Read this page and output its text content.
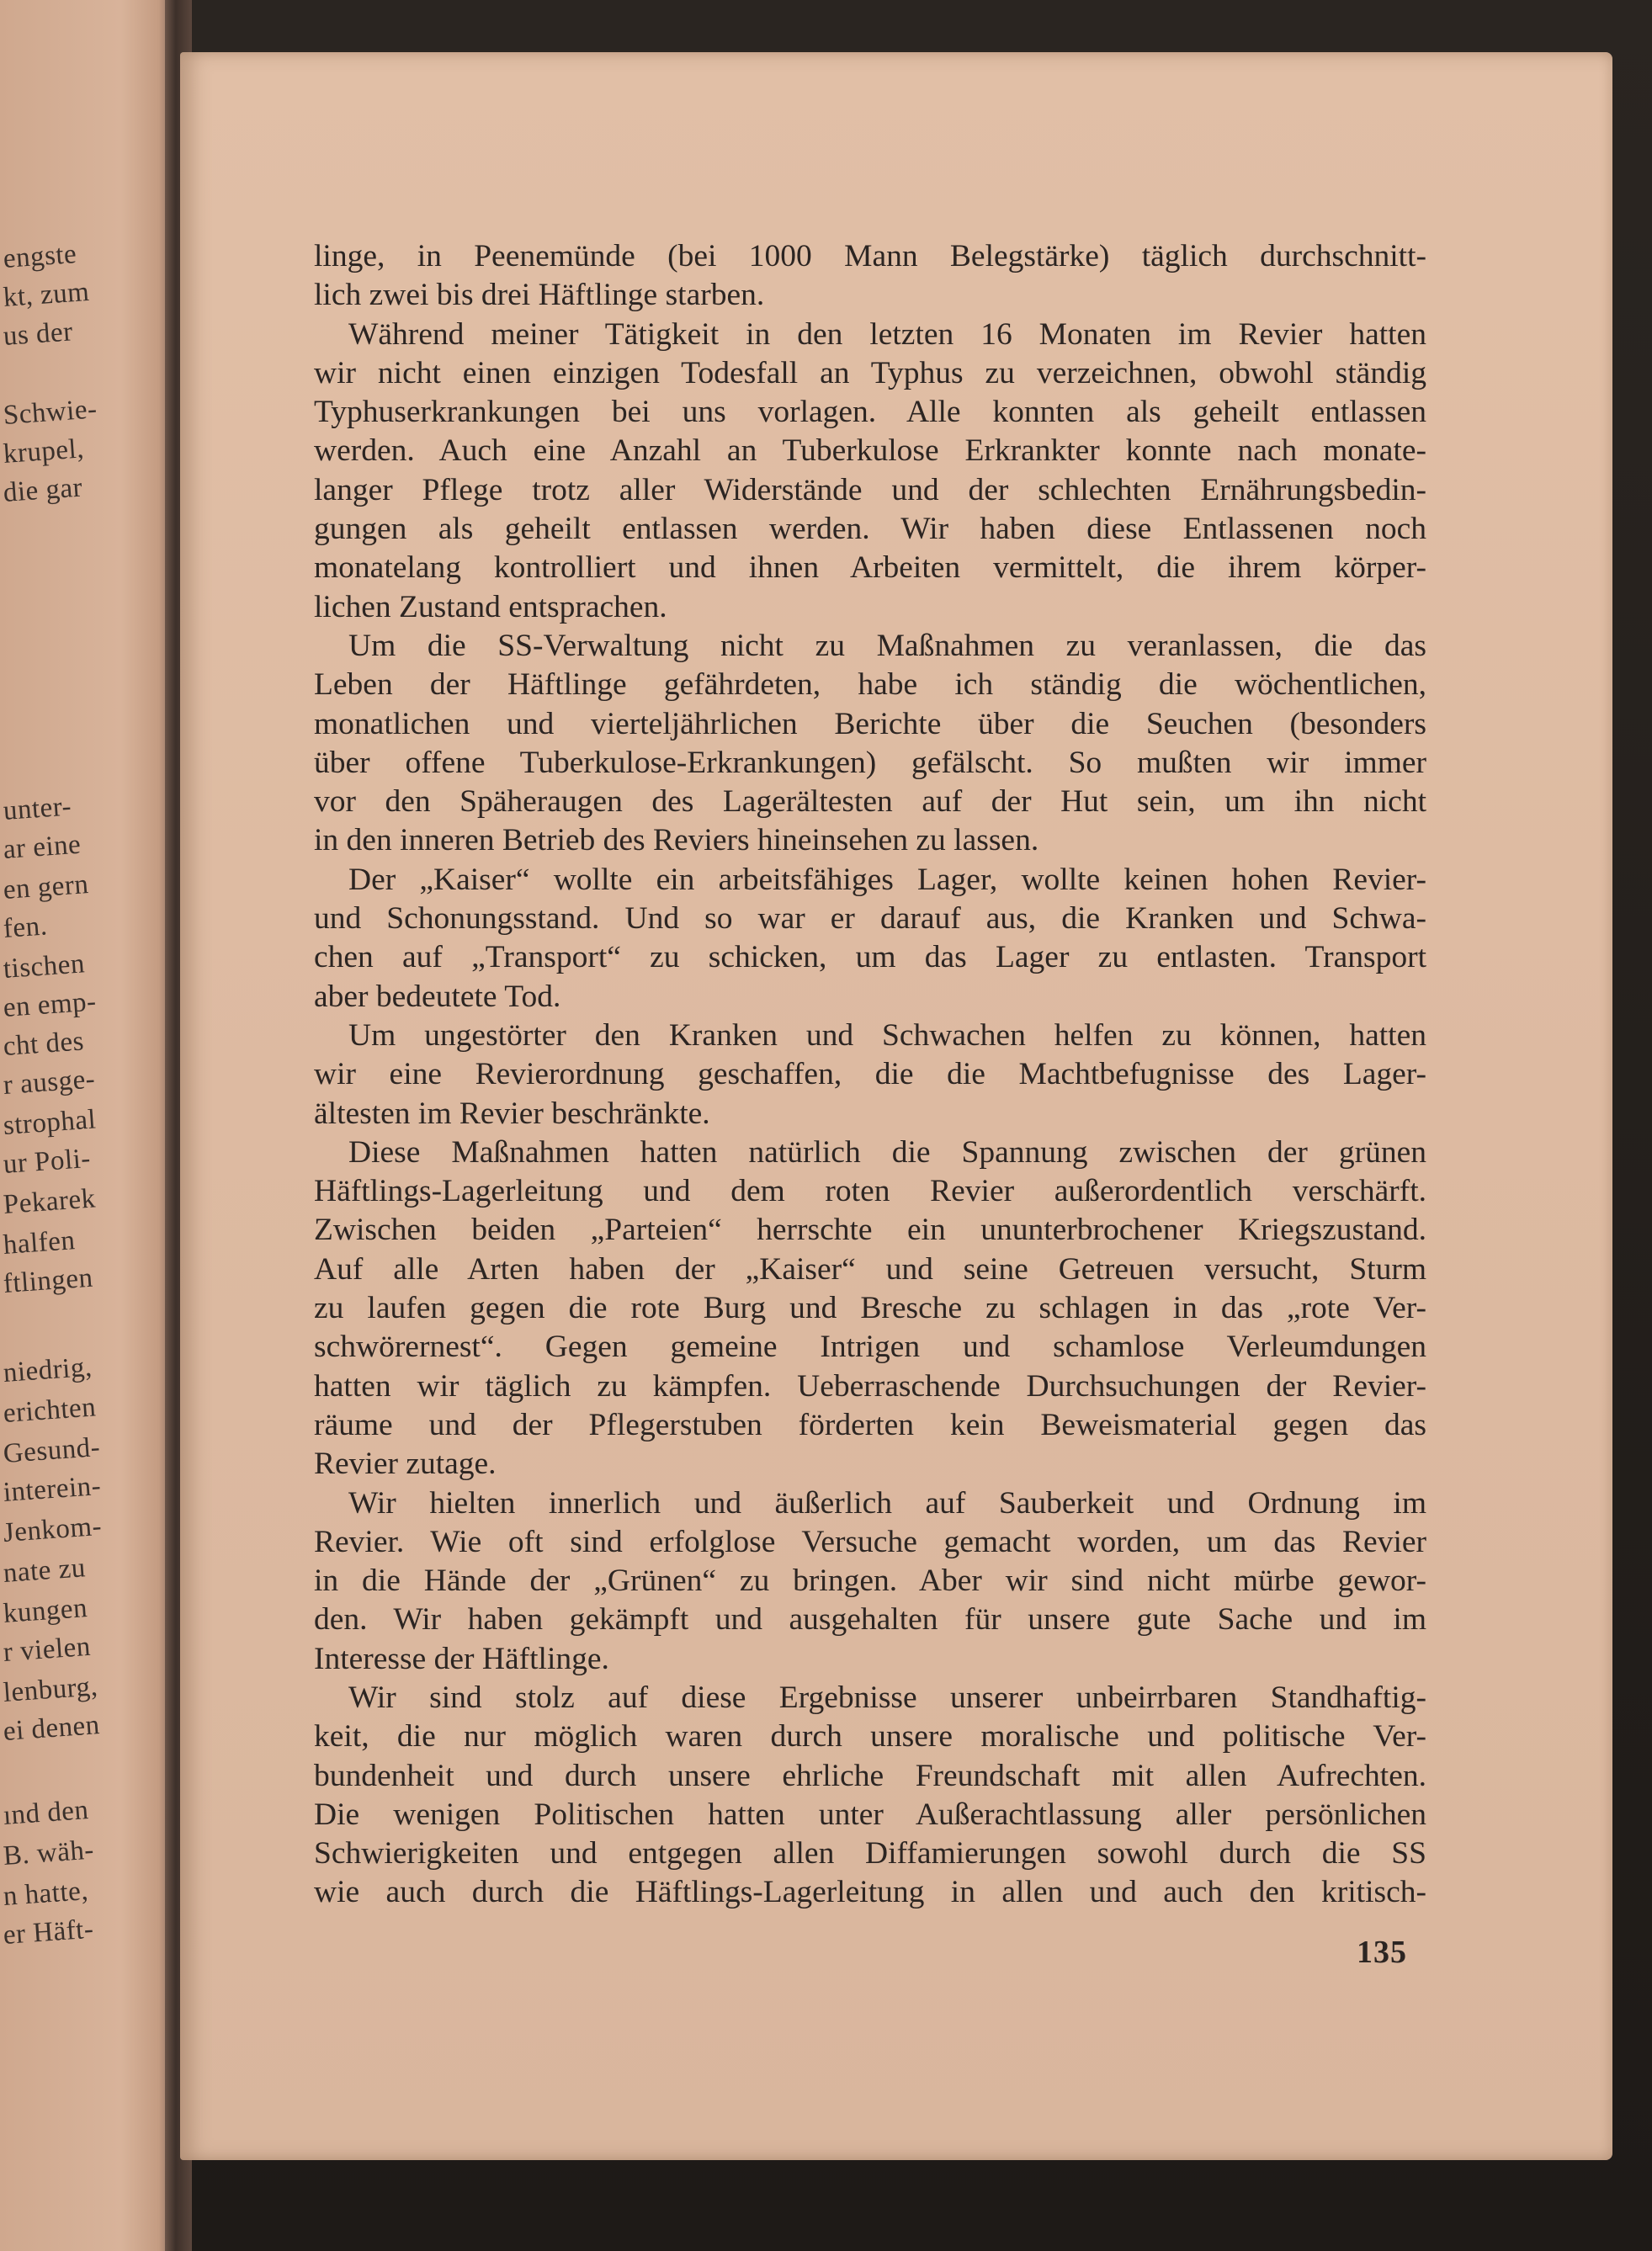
engste
kt, zum
us der
Schwie-
krupel,
die gar
unter-
ar eine
en gern
fen.
tischen
en emp-
cht des
r ausge-
strophal
ur Poli-
Pekarek
halfen
ftlingen
niedrig,
erichten
Gesund-
interein-
Jenkom-
nate zu
kungen
r vielen
lenburg,
ei denen
ınd den
B. wäh-
n hatte,
er Häft-
linge, in Peenemünde (bei 1000 Mann Belegstärke) täglich durchschnitt-
lich zwei bis drei Häftlinge starben.
Während meiner Tätigkeit in den letzten 16 Monaten im Revier hatten
wir nicht einen einzigen Todesfall an Typhus zu verzeichnen, obwohl ständig
Typhuserkrankungen bei uns vorlagen. Alle konnten als geheilt entlassen
werden. Auch eine Anzahl an Tuberkulose Erkrankter konnte nach monate-
langer Pflege trotz aller Widerstände und der schlechten Ernährungsbedin-
gungen als geheilt entlassen werden. Wir haben diese Entlassenen noch
monatelang kontrolliert und ihnen Arbeiten vermittelt, die ihrem körper-
lichen Zustand entsprachen.
Um die SS-Verwaltung nicht zu Maßnahmen zu veranlassen, die das
Leben der Häftlinge gefährdeten, habe ich ständig die wöchentlichen,
monatlichen und vierteljährlichen Berichte über die Seuchen (besonders
über offene Tuberkulose-Erkrankungen) gefälscht. So mußten wir immer
vor den Späheraugen des Lagerältesten auf der Hut sein, um ihn nicht
in den inneren Betrieb des Reviers hineinsehen zu lassen.
Der „Kaiser“ wollte ein arbeitsfähiges Lager, wollte keinen hohen Revier-
und Schonungsstand. Und so war er darauf aus, die Kranken und Schwa-
chen auf „Transport“ zu schicken, um das Lager zu entlasten. Transport
aber bedeutete Tod.
Um ungestörter den Kranken und Schwachen helfen zu können, hatten
wir eine Revierordnung geschaffen, die die Machtbefugnisse des Lager-
ältesten im Revier beschränkte.
Diese Maßnahmen hatten natürlich die Spannung zwischen der grünen
Häftlings-Lagerleitung und dem roten Revier außerordentlich verschärft.
Zwischen beiden „Parteien“ herrschte ein ununterbrochener Kriegszustand.
Auf alle Arten haben der „Kaiser“ und seine Getreuen versucht, Sturm
zu laufen gegen die rote Burg und Bresche zu schlagen in das „rote Ver-
schwörernest“. Gegen gemeine Intrigen und schamlose Verleumdungen
hatten wir täglich zu kämpfen. Ueberraschende Durchsuchungen der Revier-
räume und der Pflegerstuben förderten kein Beweismaterial gegen das
Revier zutage.
Wir hielten innerlich und äußerlich auf Sauberkeit und Ordnung im
Revier. Wie oft sind erfolglose Versuche gemacht worden, um das Revier
in die Hände der „Grünen“ zu bringen. Aber wir sind nicht mürbe gewor-
den. Wir haben gekämpft und ausgehalten für unsere gute Sache und im
Interesse der Häftlinge.
Wir sind stolz auf diese Ergebnisse unserer unbeirrbaren Standhaftig-
keit, die nur möglich waren durch unsere moralische und politische Ver-
bundenheit und durch unsere ehrliche Freundschaft mit allen Aufrechten.
Die wenigen Politischen hatten unter Außerachtlassung aller persönlichen
Schwierigkeiten und entgegen allen Diffamierungen sowohl durch die SS
wie auch durch die Häftlings-Lagerleitung in allen und auch den kritisch-
135
